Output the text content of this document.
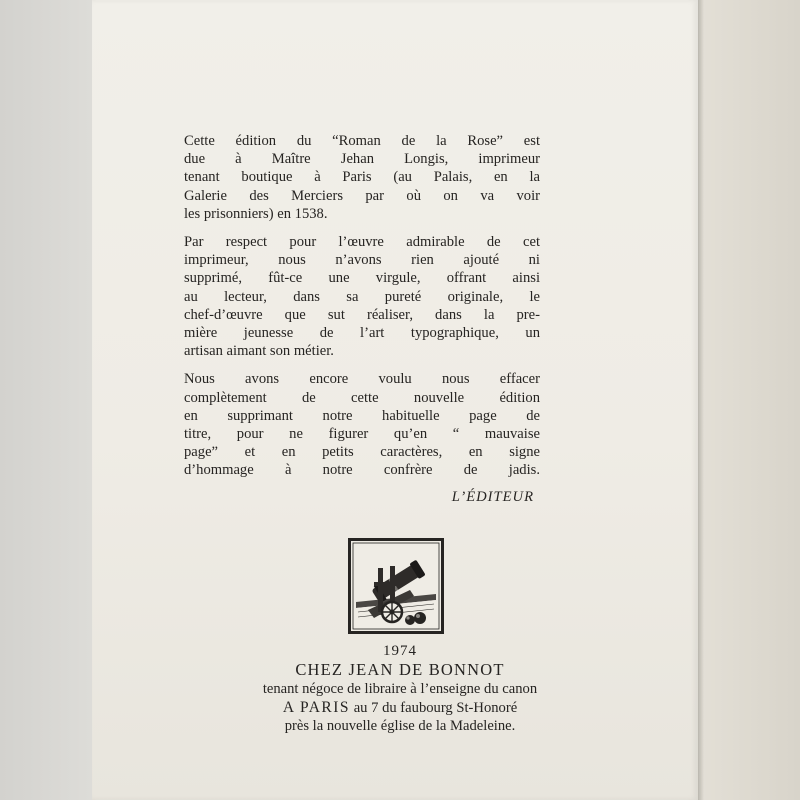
Cette édition du “Roman de la Rose” est
due à Maître Jehan Longis, imprimeur
tenant boutique à Paris (au Palais, en la
Galerie des Merciers par où on va voir
les prisonniers) en 1538.

Par respect pour l’œuvre admirable de cet
imprimeur, nous n’avons rien ajouté ni
supprimé, fût-ce une virgule, offrant ainsi
au lecteur, dans sa pureté originale, le
chef-d’œuvre que sut réaliser, dans la pre-
mière jeunesse de l’art typographique, un
artisan aimant son métier.

Nous avons encore voulu nous effacer
complètement de cette nouvelle édition
en supprimant notre habituelle page de
titre, pour ne figurer qu’en “ mauvaise
page” et en petits caractères, en signe
d’hommage à notre confrère de jadis.

L’ÉDITEUR
1974
CHEZ JEAN DE BONNOT
tenant négoce de libraire à l’enseigne du canon
A PARIS au 7 du faubourg St-Honoré
près la nouvelle église de la Madeleine.
